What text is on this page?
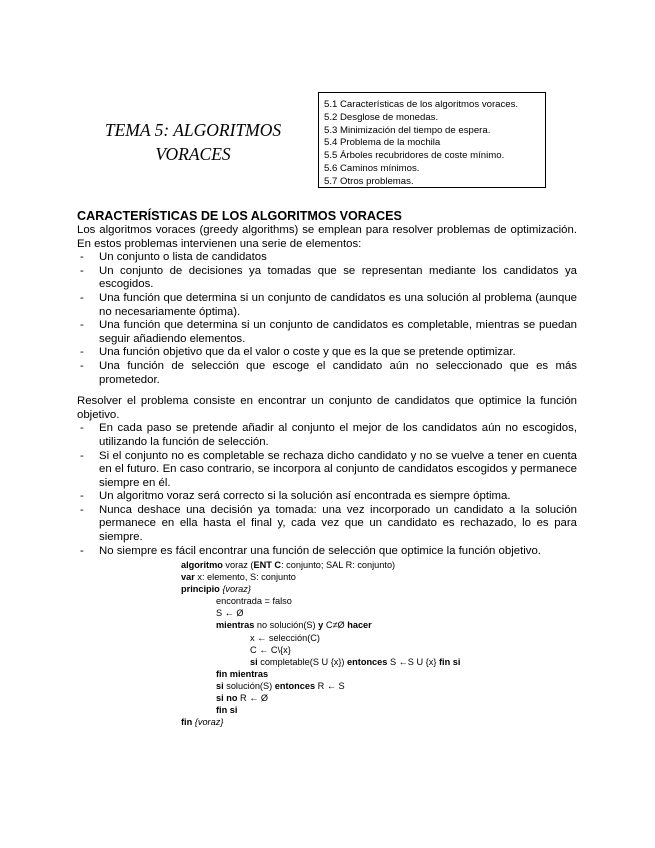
TEMA 5: ALGORITMOS
VORACES
5.1 Características de los algoritmos voraces.
5.2 Desglose de monedas.
5.3 Minimización del tiempo de espera.
5.4 Problema de la mochila
5.5 Árboles recubridores de coste mínimo.
5.6 Caminos mínimos.
5.7 Otros problemas.

CARACTERÍSTICAS DE LOS ALGORITMOS VORACES

Los algoritmos voraces (greedy algorithms) se emplean para resolver problemas de optimización. En estos problemas intervienen una serie de elementos:

- Un conjunto o lista de candidatos
- Un conjunto de decisiones ya tomadas que se representan mediante los candidatos ya escogidos.
- Una función que determina si un conjunto de candidatos es una solución al problema (aunque no necesariamente óptima).
- Una función que determina si un conjunto de candidatos es completable, mientras se puedan seguir añadiendo elementos.
- Una función objetivo que da el valor o coste y que es la que se pretende optimizar.
- Una función de selección que escoge el candidato aún no seleccionado que es más prometedor.

Resolver el problema consiste en encontrar un conjunto de candidatos que optimice la función objetivo.

- En cada paso se pretende añadir al conjunto el mejor de los candidatos aún no escogidos, utilizando la función de selección.
- Si el conjunto no es completable se rechaza dicho candidato y no se vuelve a tener en cuenta en el futuro. En caso contrario, se incorpora al conjunto de candidatos escogidos y permanece siempre en él.
- Un algoritmo voraz será correcto si la solución así encontrada es siempre óptima.
- Nunca deshace una decisión ya tomada: una vez incorporado un candidato a la solución permanece en ella hasta el final y, cada vez que un candidato es rechazado, lo es para siempre.
- No siempre es fácil encontrar una función de selección que optimice la función objetivo.
algoritmo voraz (ENT C: conjunto; SAL R: conjunto)
var x: elemento, S: conjunto
principio {voraz}
encontrada = falso
S ← Ø
mientras no solución(S) y C≠Ø hacer
x ← selección(C)
C ← C\{x}
si completable(S U {x}) entonces S ←S U {x} fin si
fin mientras
si solución(S) entonces R ← S
si no R ← Ø
fin si
fin {voraz}
